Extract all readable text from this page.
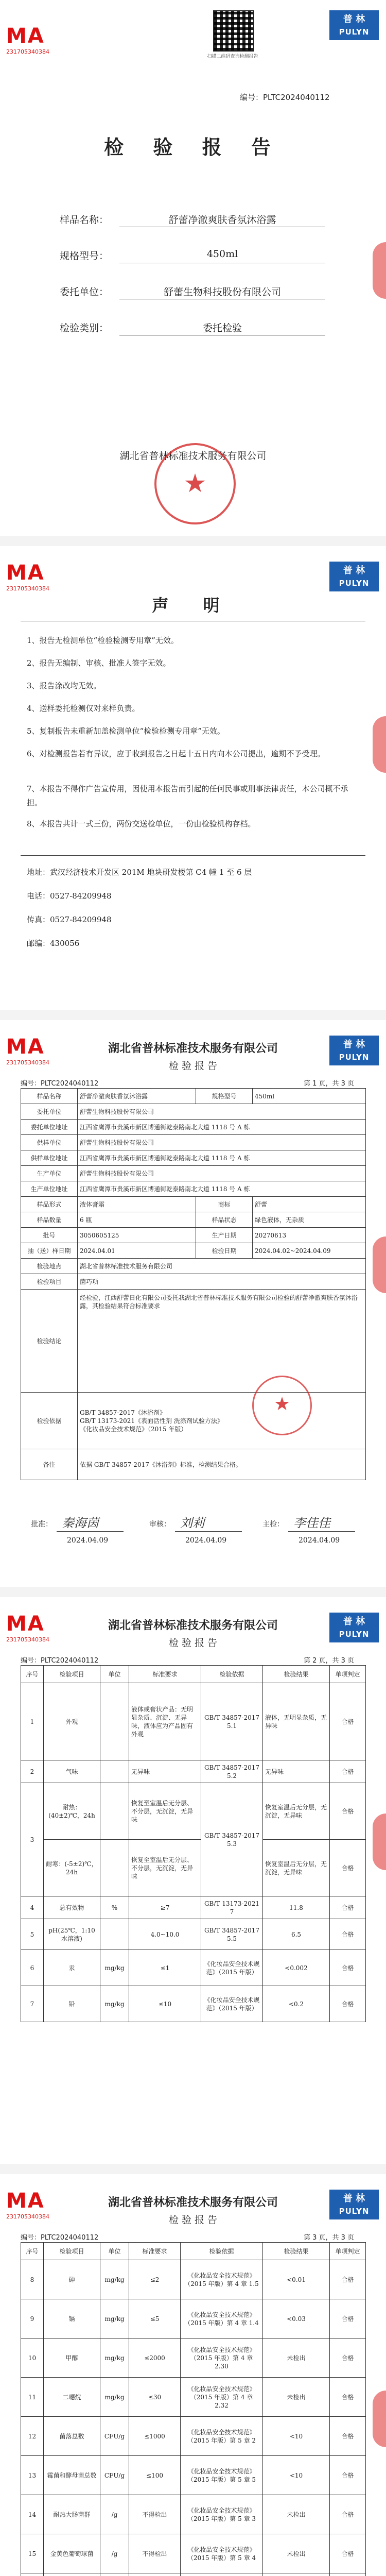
MA
23170534038​4
扫描二维码查询检测报告
普 林
PULYN
编号：PLTC2024040112
检 验 报 告
样品名称：	舒蕾净澈爽肤香氛沐浴露
规格型号：	450ml
委托单位：	舒蕾生物科技股份有限公司
检验类别：	委托检验
湖北省普林标准技术服务有限公司
★
MA
23170534038​4
普 林
PULYN
声 明
1、报告无检测单位“检验检测专用章”无效。
2、报告无编制、审核、批准人签字无效。
3、报告涂改均无效。
4、送样委托检测仅对来样负责。
5、复制报告未重新加盖检测单位“检验检测专用章”无效。
6、对检测报告若有异议，应于收到报告之日起十五日内向本公司提出，逾期不予受理。
7、本报告不得作广告宣传用，因使用本报告而引起的任何民事或刑事法律责任，本公司概不承担。
8、本报告共计一式三份，两份交送检单位，一份由检验机构存档。
地址：武汉经济技术开发区 201M 地块研发楼第 C4 幢 1 至 6 层
电话：0527-84209948
传真：0527-84209948
邮编：430056
MA
23170534038​4
普 林
PULYN
湖北省普林标准技术服务有限公司
检 验 报 告
编号：PLTC2024040112	第 1 页，共 3 页
样品名称	舒蕾净澈爽肤香氛沐浴露	规格型号	450ml
委托单位	舒蕾生物科技股份有限公司		
委托单位地址	江西省鹰潭市贵溪市新区博通街乾泰路南北大道 1118 号 A 栋		
供样单位	舒蕾生物科技股份有限公司		
供样单位地址	江西省鹰潭市贵溪市新区博通街乾泰路南北大道 1118 号 A 栋		
生产单位	舒蕾生物科技股份有限公司		
生产单位地址	江西省鹰潭市贵溪市新区博通街乾泰路南北大道 1118 号 A 栋		
样品形式	液体膏霜	商标	舒蕾
样品数量	6 瓶	样品状态	绿色液体，无杂质
批号	3050605125	生产日期	20270613
抽（送）样日期	2024.04.01	检验日期	2024.04.02~2024.04.09
检验地点	湖北省普林标准技术服务有限公司		
检验项目	菌巧项		
检验结论	经检验，江西舒蕾日化有限公司委托我湖北省普林标准技术服务有限公司检验的舒蕾净澈爽肤香氛沐浴露，其检验结果符合标准要求		
检验依据	GB/T 34857-2017《沐浴剂》
GB/T 13173-2021《表面活性剂 洗涤剂试验方法》
《化妆品安全技术规范》（2015 年版）		
备注	依据 GB/T 34857-2017《沐浴剂》标准，检测结果合格。		
★
批准： 秦海茵
2024.04.09
审核： 刘莉
2024.04.09
主检： 李佳佳
2024.04.09
MA
23170534038​4
普 林
PULYN
湖北省普林标准技术服务有限公司
检 验 报 告
编号：PLTC2024040112	第 2 页，共 3 页
序号	检验项目	单位	标准要求	检验依据	检验结果	单项判定
1	外观		液体或膏状产品：无明显杂质、沉淀、无异味，液体应为产品固有外观	GB/T 34857-2017 5.1	液体，无明显杂质，无异味	合格
2	气味		无异味	GB/T 34857-2017 5.2	无异味	合格
3	耐热：(40±2)℃，24h		恢复至室温后无分层、不分层，无沉淀，无异味	GB/T 34857-2017 5.3	恢复室温后无分层，无沉淀，无异味	合格
	耐寒：(-5±2)℃，24h		恢复至室温后无分层、不分层，无沉淀，无异味		恢复室温后无分层，无沉淀，无异味	合格
4	总有效物	%	≥7	GB/T 13173-2021 7	11.8	合格
5	pH(25℃，1:10 水溶液)		4.0~10.0	GB/T 34857-2017 5.5	6.5	合格
6	汞	mg/kg	≤1	《化妆品安全技术规范》（2015 年版）	<0.002	合格
7	铅	mg/kg	≤10	《化妆品安全技术规范》（2015 年版）	<0.2	合格
MA
23170534038​4
普 林
PULYN
湖北省普林标准技术服务有限公司
检 验 报 告
编号：PLTC2024040112	第 3 页，共 3 页
序号	检验项目	单位	标准要求	检验依据	检验结果	单项判定
8	砷	mg/kg	≤2	《化妆品安全技术规范》（2015 年版）第 4 章 1.5	<0.01	合格
9	镉	mg/kg	≤5	《化妆品安全技术规范》（2015 年版）第 4 章 1.4	<0.03	合格
10	甲醇	mg/kg	≤2000	《化妆品安全技术规范》（2015 年版）第 4 章 2.30	未检出	合格
11	二噁烷	mg/kg	≤30	《化妆品安全技术规范》（2015 年版）第 4 章 2.32	未检出	合格
12	菌落总数	CFU/g	≤1000	《化妆品安全技术规范》（2015 年版）第 5 章 2	<10	合格
13	霉菌和酵母菌总数	CFU/g	≤100	《化妆品安全技术规范》（2015 年版）第 5 章 5	<10	合格
14	耐热大肠菌群	/g	不得检出	《化妆品安全技术规范》（2015 年版）第 5 章 3	未检出	合格
15	金黄色葡萄球菌	/g	不得检出	《化妆品安全技术规范》（2015 年版）第 5 章 4	未检出	合格
